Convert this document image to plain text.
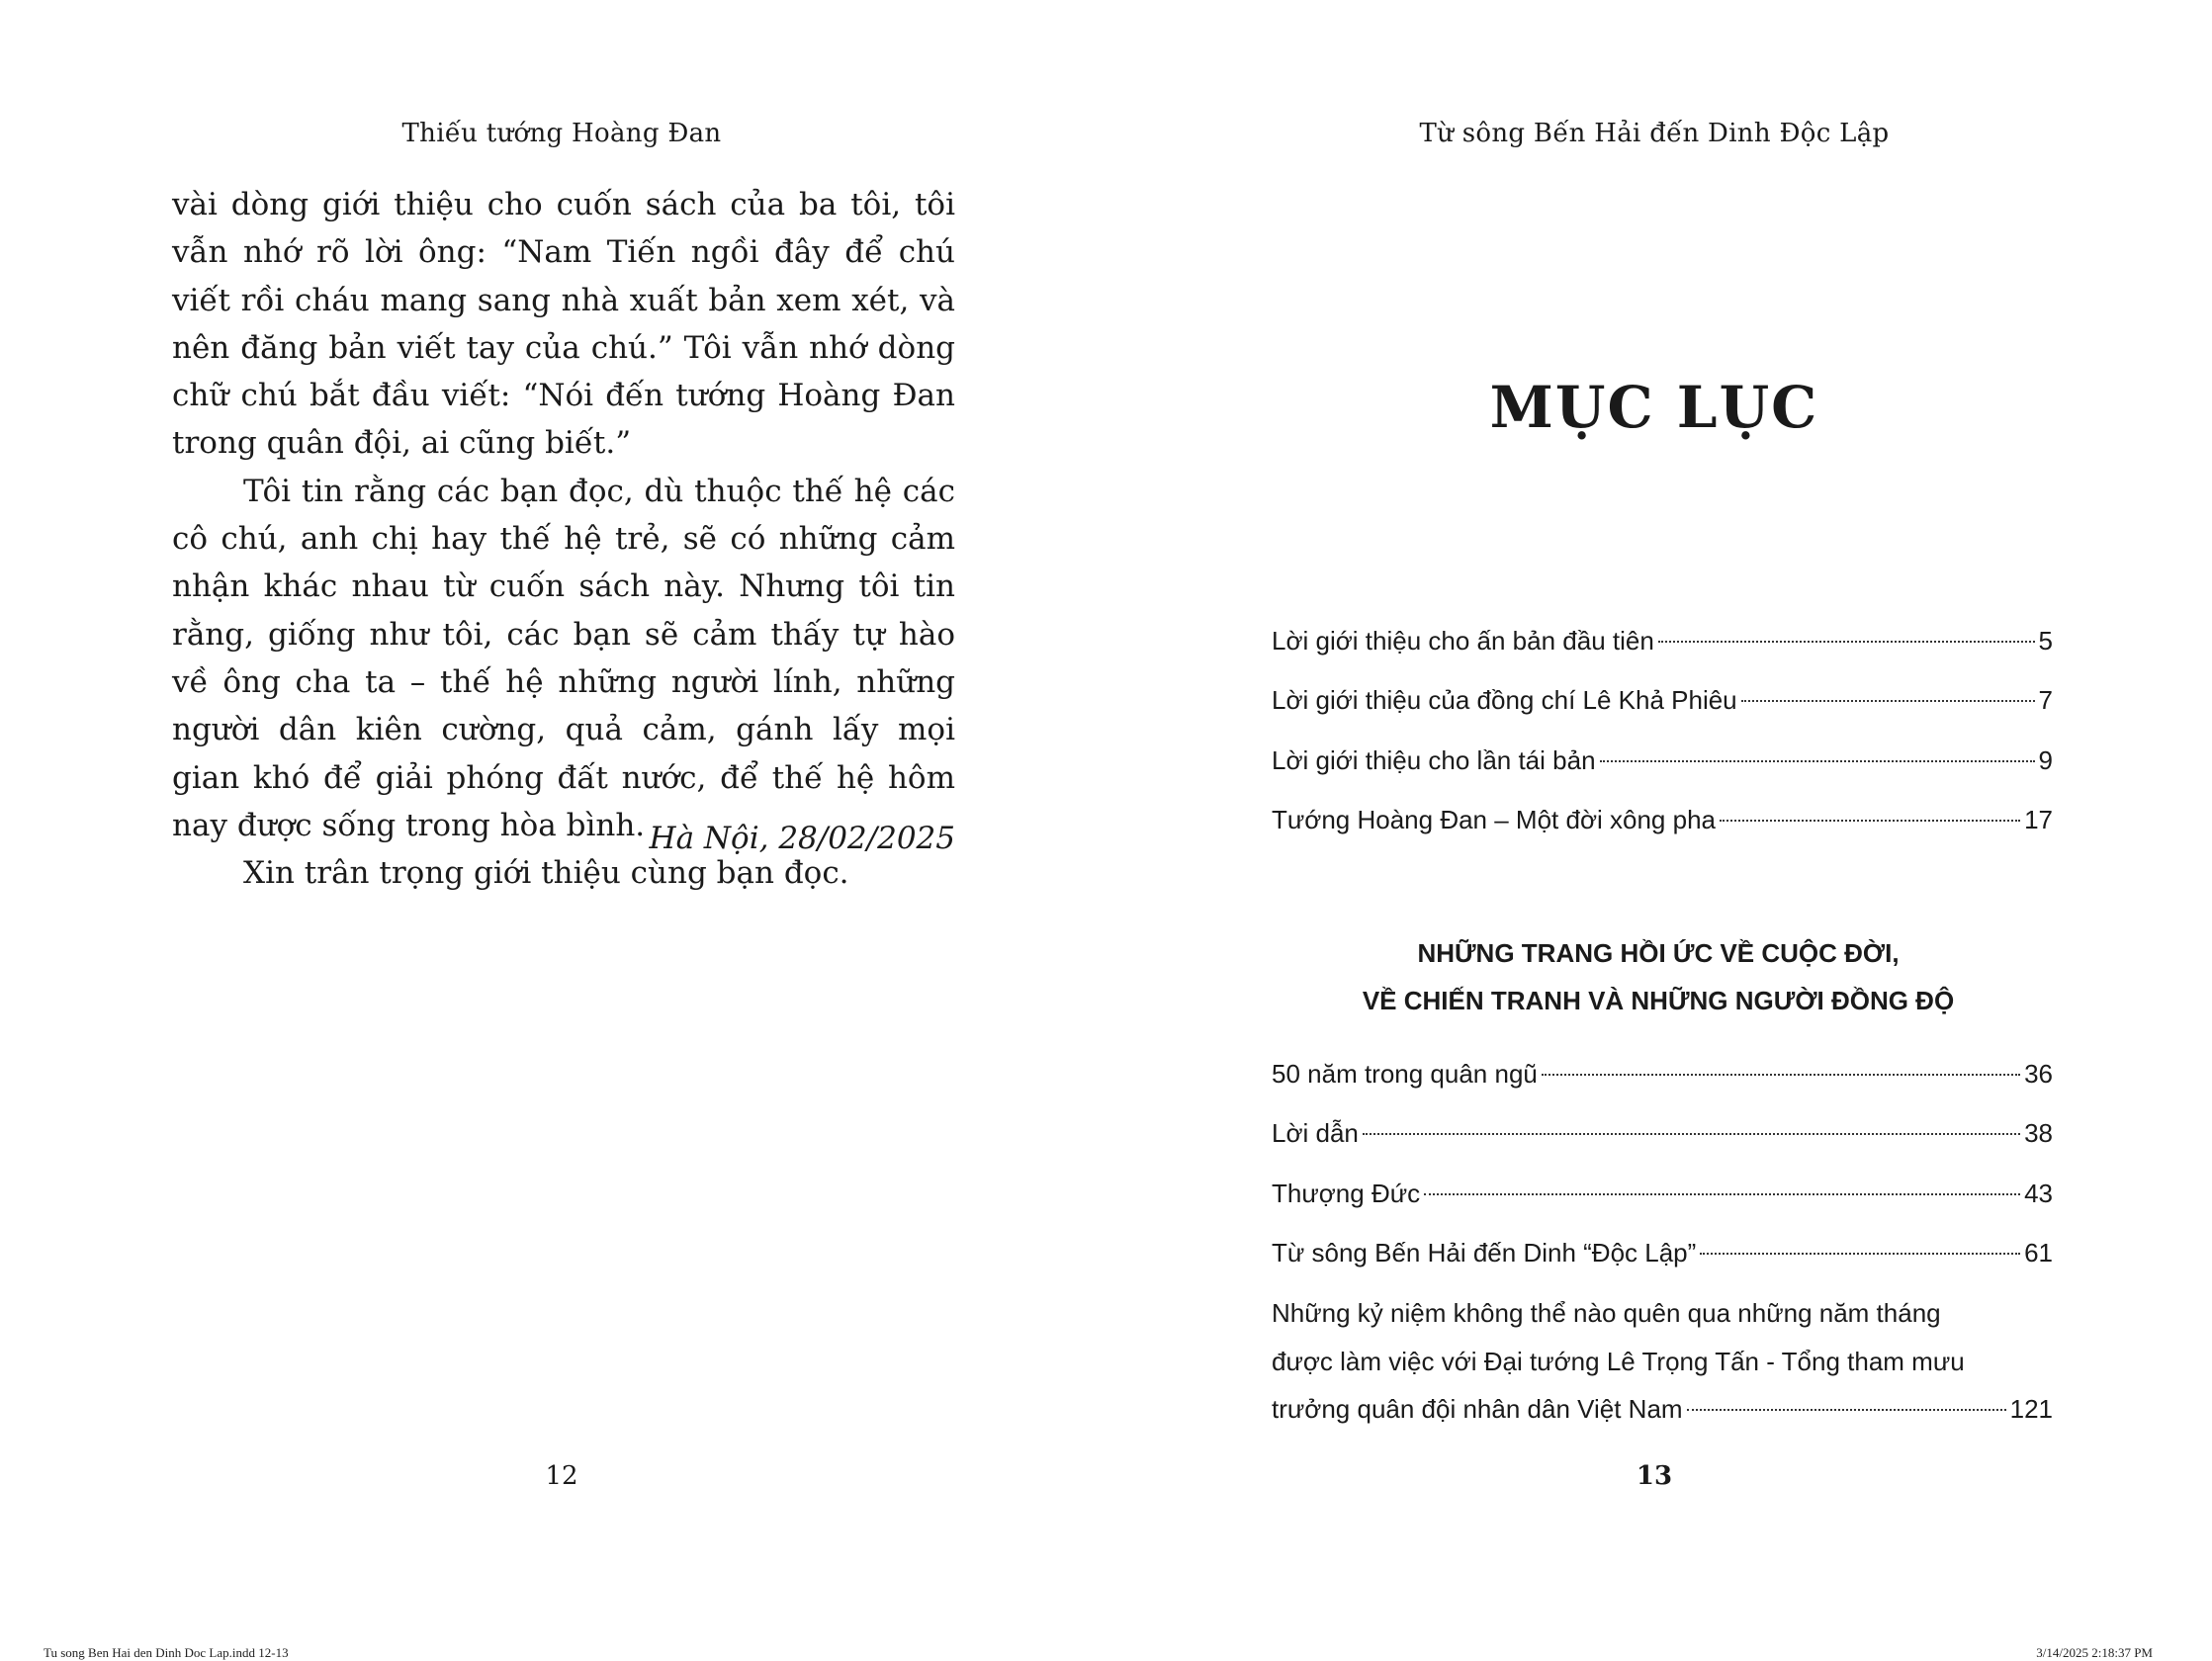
Thiếu tướng Hoàng Đan

vài dòng giới thiệu cho cuốn sách của ba tôi, tôi vẫn nhớ rõ lời ông: “Nam Tiến ngồi đây để chú viết rồi cháu mang sang nhà xuất bản xem xét, và nên đăng bản viết tay của chú.” Tôi vẫn nhớ dòng chữ chú bắt đầu viết: “Nói đến tướng Hoàng Đan trong quân đội, ai cũng biết.”

Tôi tin rằng các bạn đọc, dù thuộc thế hệ các cô chú, anh chị hay thế hệ trẻ, sẽ có những cảm nhận khác nhau từ cuốn sách này. Nhưng tôi tin rằng, giống như tôi, các bạn sẽ cảm thấy tự hào về ông cha ta – thế hệ những người lính, những người dân kiên cường, quả cảm, gánh lấy mọi gian khó để giải phóng đất nước, để thế hệ hôm nay được sống trong hòa bình.

Xin trân trọng giới thiệu cùng bạn đọc.

Hà Nội, 28/02/2025
12
Từ sông Bến Hải đến Dinh Độc Lập
MỤC LỤC
Lời giới thiệu cho ấn bản đầu tiên	5
Lời giới thiệu của đồng chí Lê Khả Phiêu	7
Lời giới thiệu cho lần tái bản	9
Tướng Hoàng Đan – Một đời xông pha	17
NHỮNG TRANG HỒI ỨC VỀ CUỘC ĐỜI,
VỀ CHIẾN TRANH VÀ NHỮNG NGƯỜI ĐỒNG ĐỘ
50 năm trong quân ngũ	36
Lời dẫn	38
Thượng Đức	43
Từ sông Bến Hải đến Dinh “Độc Lập”	61
Những kỷ niệm không thể nào quên qua những năm tháng
được làm việc với Đại tướng Lê Trọng Tấn - Tổng tham mưu
trưởng quân đội nhân dân Việt Nam	121
13
Tu song Ben Hai den Dinh Doc Lap.indd 12-13	3/14/2025 2:18:37 PM
